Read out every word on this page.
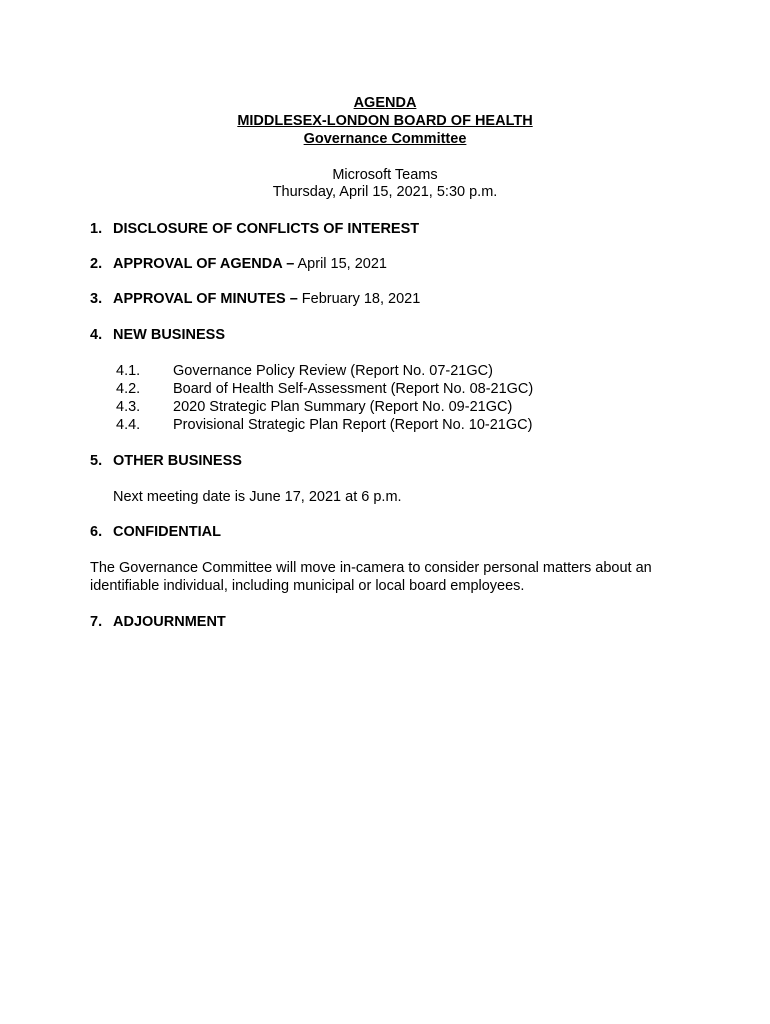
AGENDA
MIDDLESEX-LONDON BOARD OF HEALTH
Governance Committee
Microsoft Teams
Thursday, April 15, 2021, 5:30 p.m.
1. DISCLOSURE OF CONFLICTS OF INTEREST
2. APPROVAL OF AGENDA – April 15, 2021
3. APPROVAL OF MINUTES – February 18, 2021
4. NEW BUSINESS
4.1. Governance Policy Review (Report No. 07-21GC)
4.2. Board of Health Self-Assessment (Report No. 08-21GC)
4.3. 2020 Strategic Plan Summary (Report No. 09-21GC)
4.4. Provisional Strategic Plan Report (Report No. 10-21GC)
5. OTHER BUSINESS
Next meeting date is June 17, 2021 at 6 p.m.
6. CONFIDENTIAL
The Governance Committee will move in-camera to consider personal matters about an identifiable individual, including municipal or local board employees.
7. ADJOURNMENT
